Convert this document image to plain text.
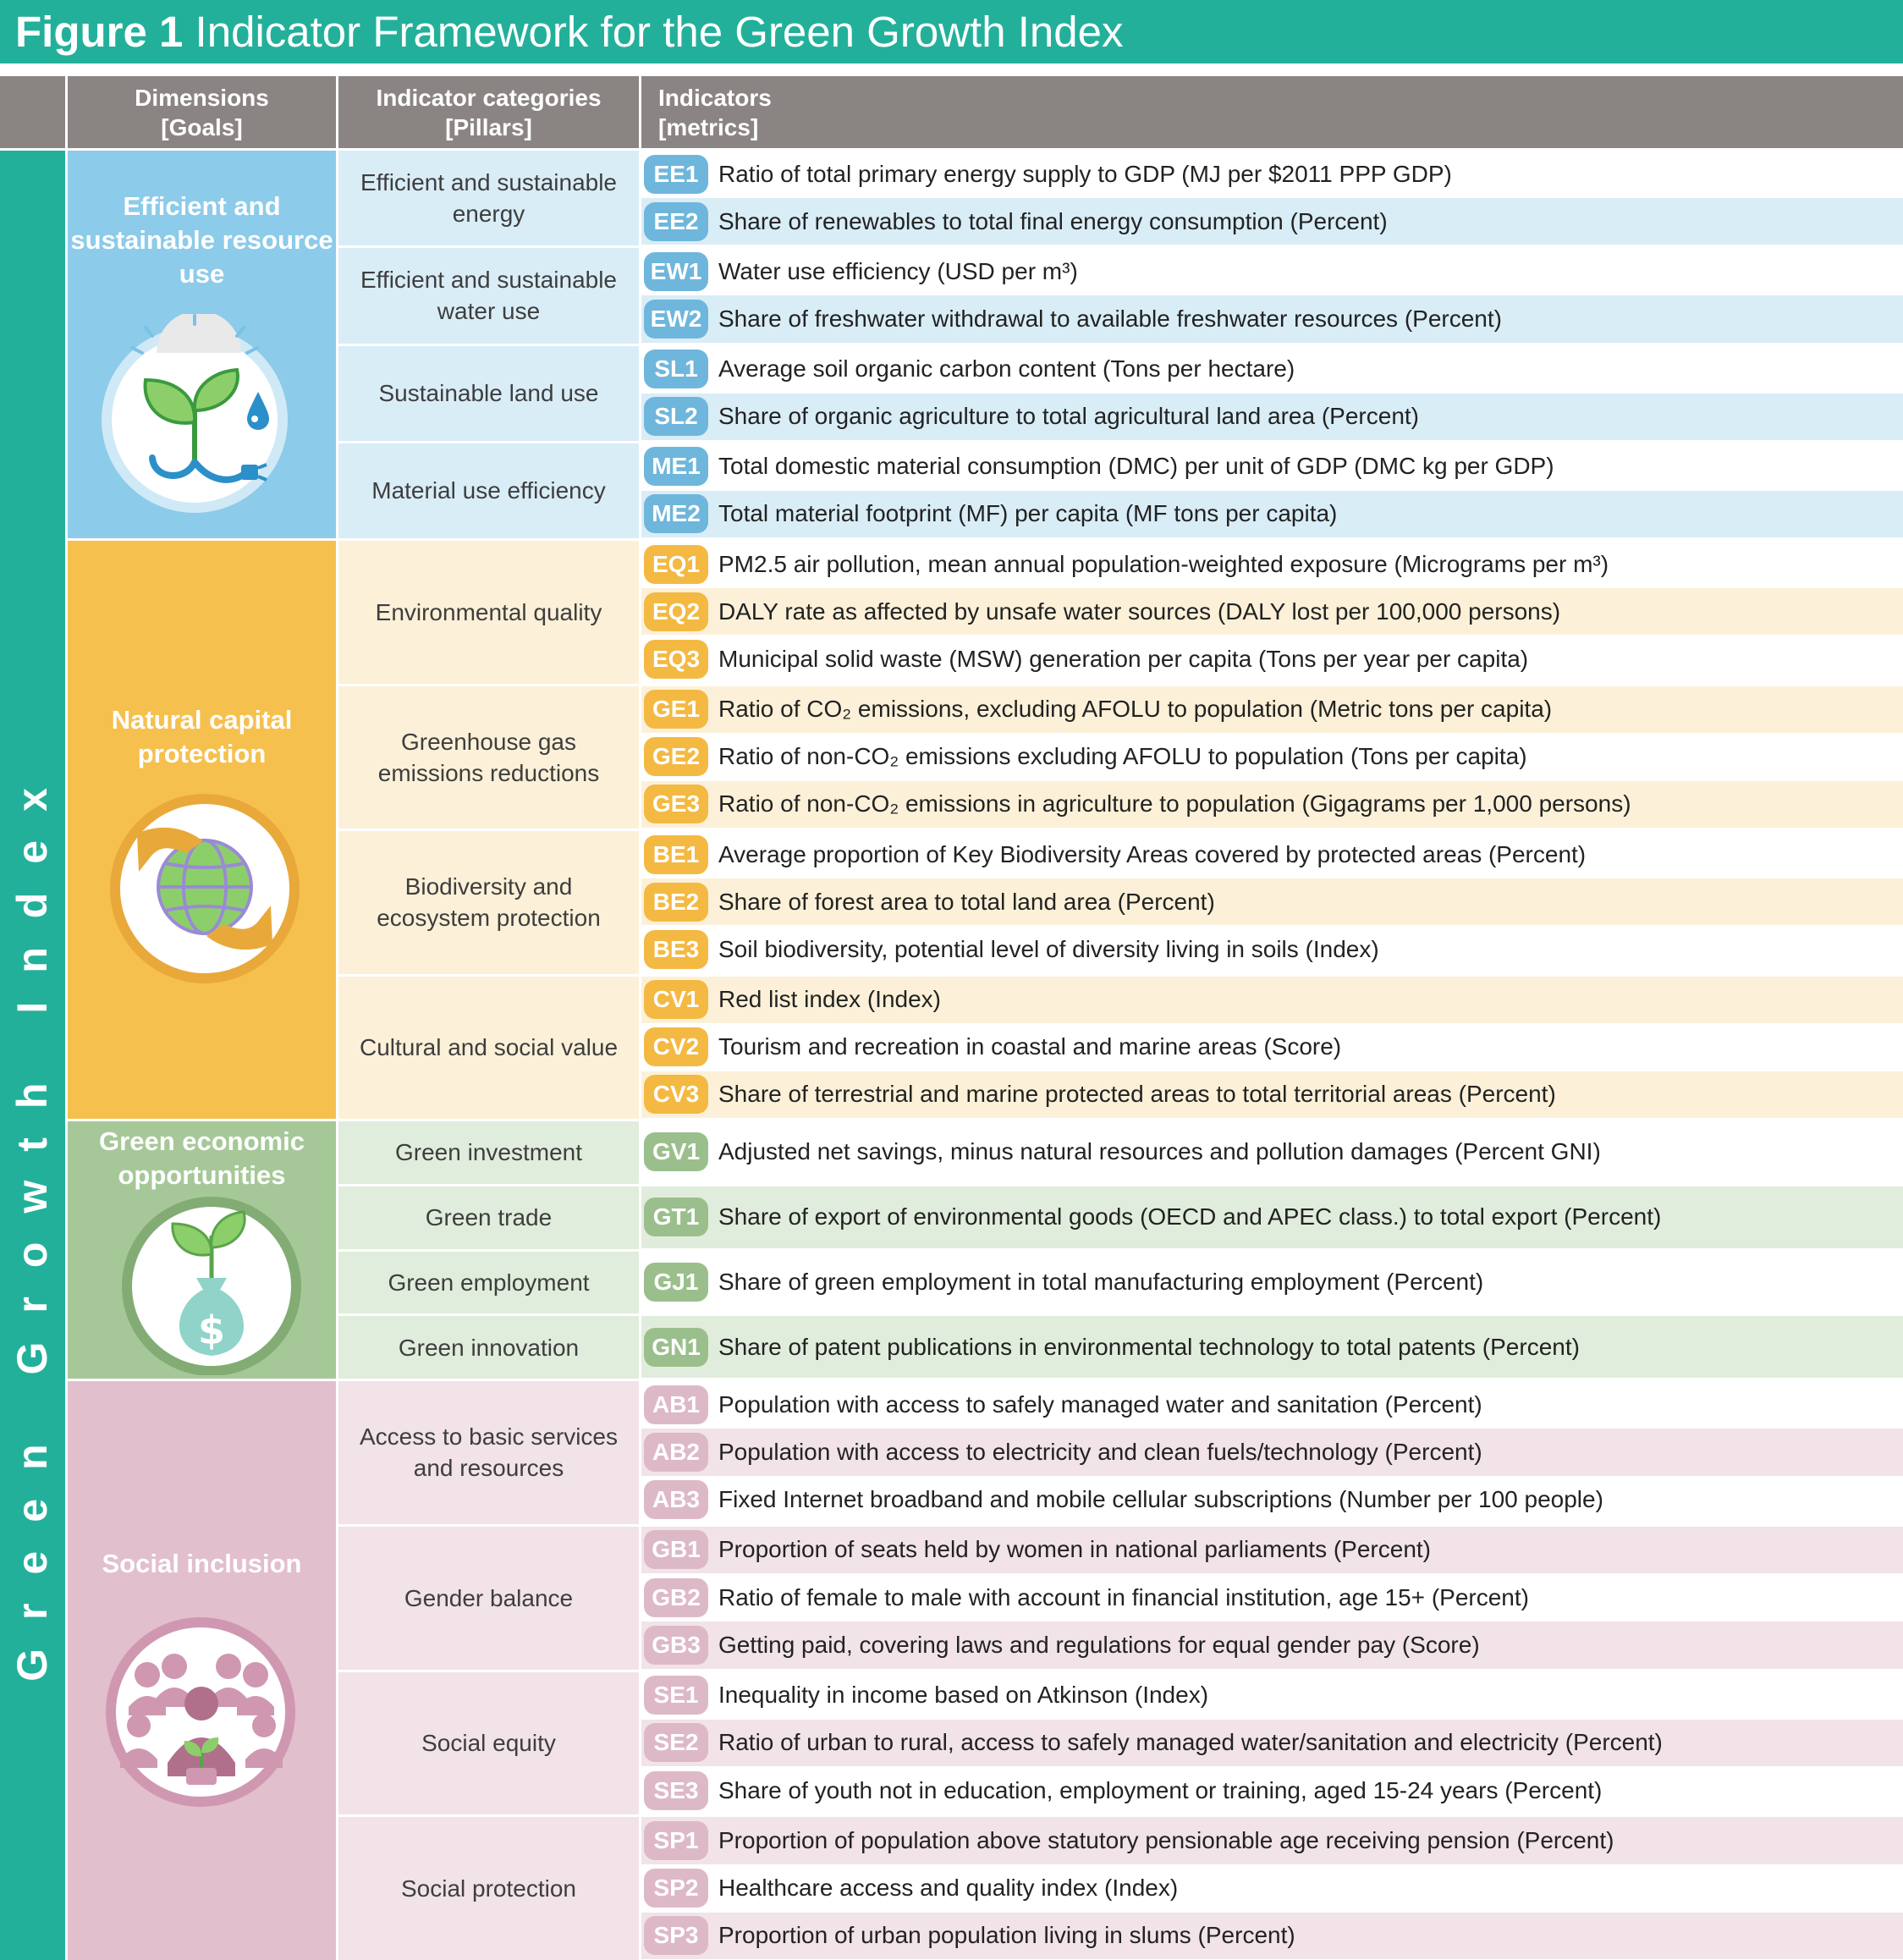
Figure 1 Indicator Framework for the Green Growth Index
Dimensions
[Goals]
Indicator categories
[Pillars]
Indicators
[metrics]
Green Growth Index
Efficient and sustainable resource use
Natural capital protection
Green economic opportunities
$
Social inclusion
Efficient and sustainable energy
Efficient and sustainable water use
Sustainable land use
Material use efficiency
Environmental quality
Greenhouse gas emissions reductions
Biodiversity and ecosystem protection
Cultural and social value
Green investment
Green trade
Green employment
Green innovation
Access to basic services and resources
Gender balance
Social equity
Social protection
EE1 Ratio of total primary energy supply to GDP (MJ per $2011 PPP GDP)
EE2 Share of renewables to total final energy consumption (Percent)
EW1 Water use efficiency (USD per m³)
EW2 Share of freshwater withdrawal to available freshwater resources (Percent)
SL1 Average soil organic carbon content (Tons per hectare)
SL2 Share of organic agriculture to total agricultural land area (Percent)
ME1 Total domestic material consumption (DMC) per unit of GDP (DMC kg per GDP)
ME2 Total material footprint (MF) per capita (MF tons per capita)
EQ1 PM2.5 air pollution, mean annual population-weighted exposure (Micrograms per m³)
EQ2 DALY rate as affected by unsafe water sources (DALY lost per 100,000 persons)
EQ3 Municipal solid waste (MSW) generation per capita (Tons per year per capita)
GE1 Ratio of CO₂ emissions, excluding AFOLU to population (Metric tons per capita)
GE2 Ratio of non-CO₂ emissions excluding AFOLU to population (Tons per capita)
GE3 Ratio of non-CO₂ emissions in agriculture to population (Gigagrams per 1,000 persons)
BE1 Average proportion of Key Biodiversity Areas covered by protected areas (Percent)
BE2 Share of forest area to total land area (Percent)
BE3 Soil biodiversity, potential level of diversity living in soils (Index)
CV1 Red list index (Index)
CV2 Tourism and recreation in coastal and marine areas (Score)
CV3 Share of terrestrial and marine protected areas to total territorial areas (Percent)
GV1 Adjusted net savings, minus natural resources and pollution damages (Percent GNI)
GT1 Share of export of environmental goods (OECD and APEC class.) to total export (Percent)
GJ1 Share of green employment in total manufacturing employment (Percent)
GN1 Share of patent publications in environmental technology to total patents (Percent)
AB1 Population with access to safely managed water and sanitation (Percent)
AB2 Population with access to electricity and clean fuels/technology (Percent)
AB3 Fixed Internet broadband and mobile cellular subscriptions (Number per 100 people)
GB1 Proportion of seats held by women in national parliaments (Percent)
GB2 Ratio of female to male with account in financial institution, age 15+ (Percent)
GB3 Getting paid, covering laws and regulations for equal gender pay (Score)
SE1 Inequality in income based on Atkinson (Index)
SE2 Ratio of urban to rural, access to safely managed water/sanitation and electricity (Percent)
SE3 Share of youth not in education, employment or training, aged 15-24 years (Percent)
SP1 Proportion of population above statutory pensionable age receiving pension (Percent)
SP2 Healthcare access and quality index (Index)
SP3 Proportion of urban population living in slums (Percent)
